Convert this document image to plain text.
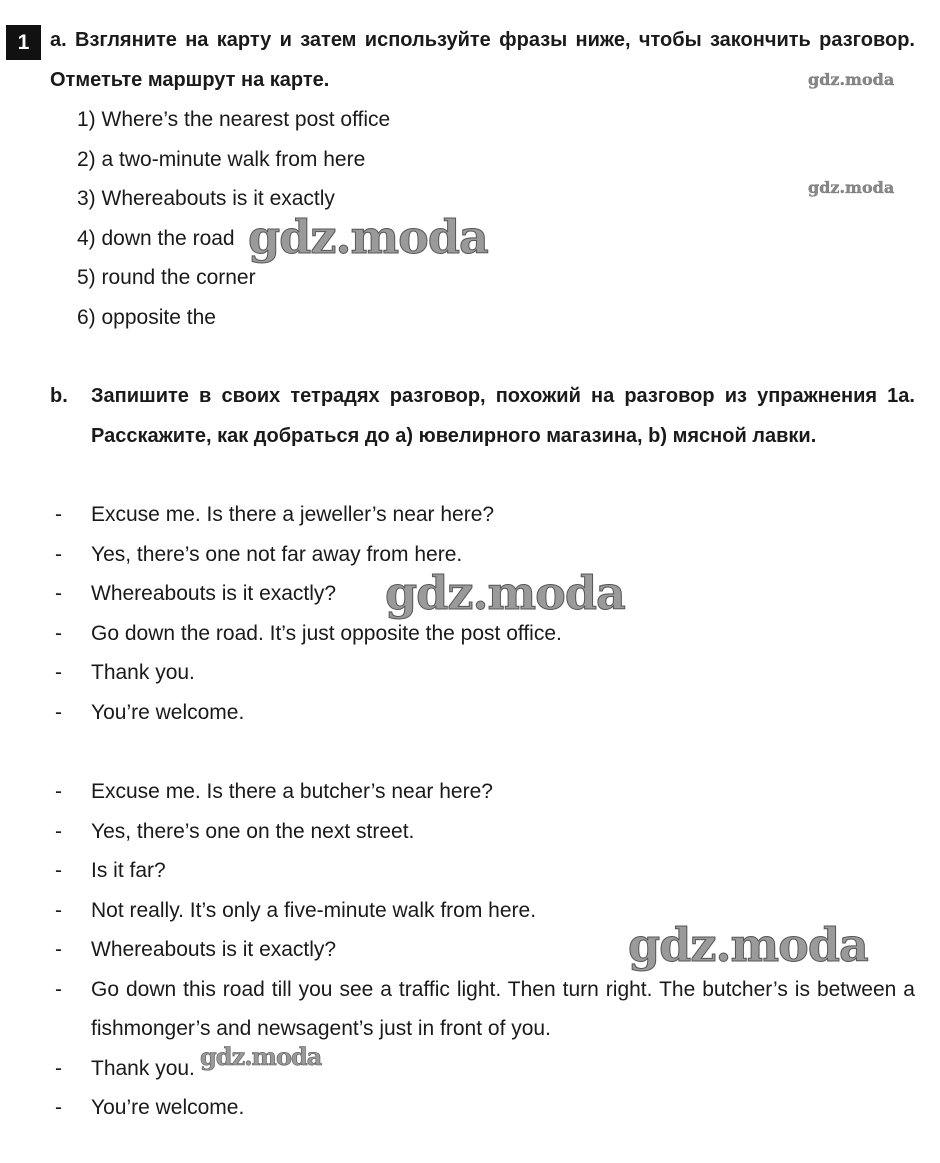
1	a. Взгляните на карту и затем используйте фразы ниже, чтобы закончить разговор. Отметьте маршрут на карте.
1) Where’s the nearest post office
2) a two-minute walk from here
3) Whereabouts is it exactly
4) down the road
5) round the corner
6) opposite the
b. Запишите в своих тетрадях разговор, похожий на разговор из упражнения 1a. Расскажите, как добраться до a) ювелирного магазина, b) мясной лавки.
- Excuse me. Is there a jeweller’s near here?
- Yes, there’s one not far away from here.
- Whereabouts is it exactly?
- Go down the road. It’s just opposite the post office.
- Thank you.
- You’re welcome.
- Excuse me. Is there a butcher’s near here?
- Yes, there’s one on the next street.
- Is it far?
- Not really. It’s only a five-minute walk from here.
- Whereabouts is it exactly?
- Go down this road till you see a traffic light. Then turn right. The butcher’s is between a fishmonger’s and newsagent’s just in front of you.
- Thank you.
- You’re welcome.
gdz.moda
gdz.moda
gdz.moda
gdz.moda
gdz.moda
gdz.moda
